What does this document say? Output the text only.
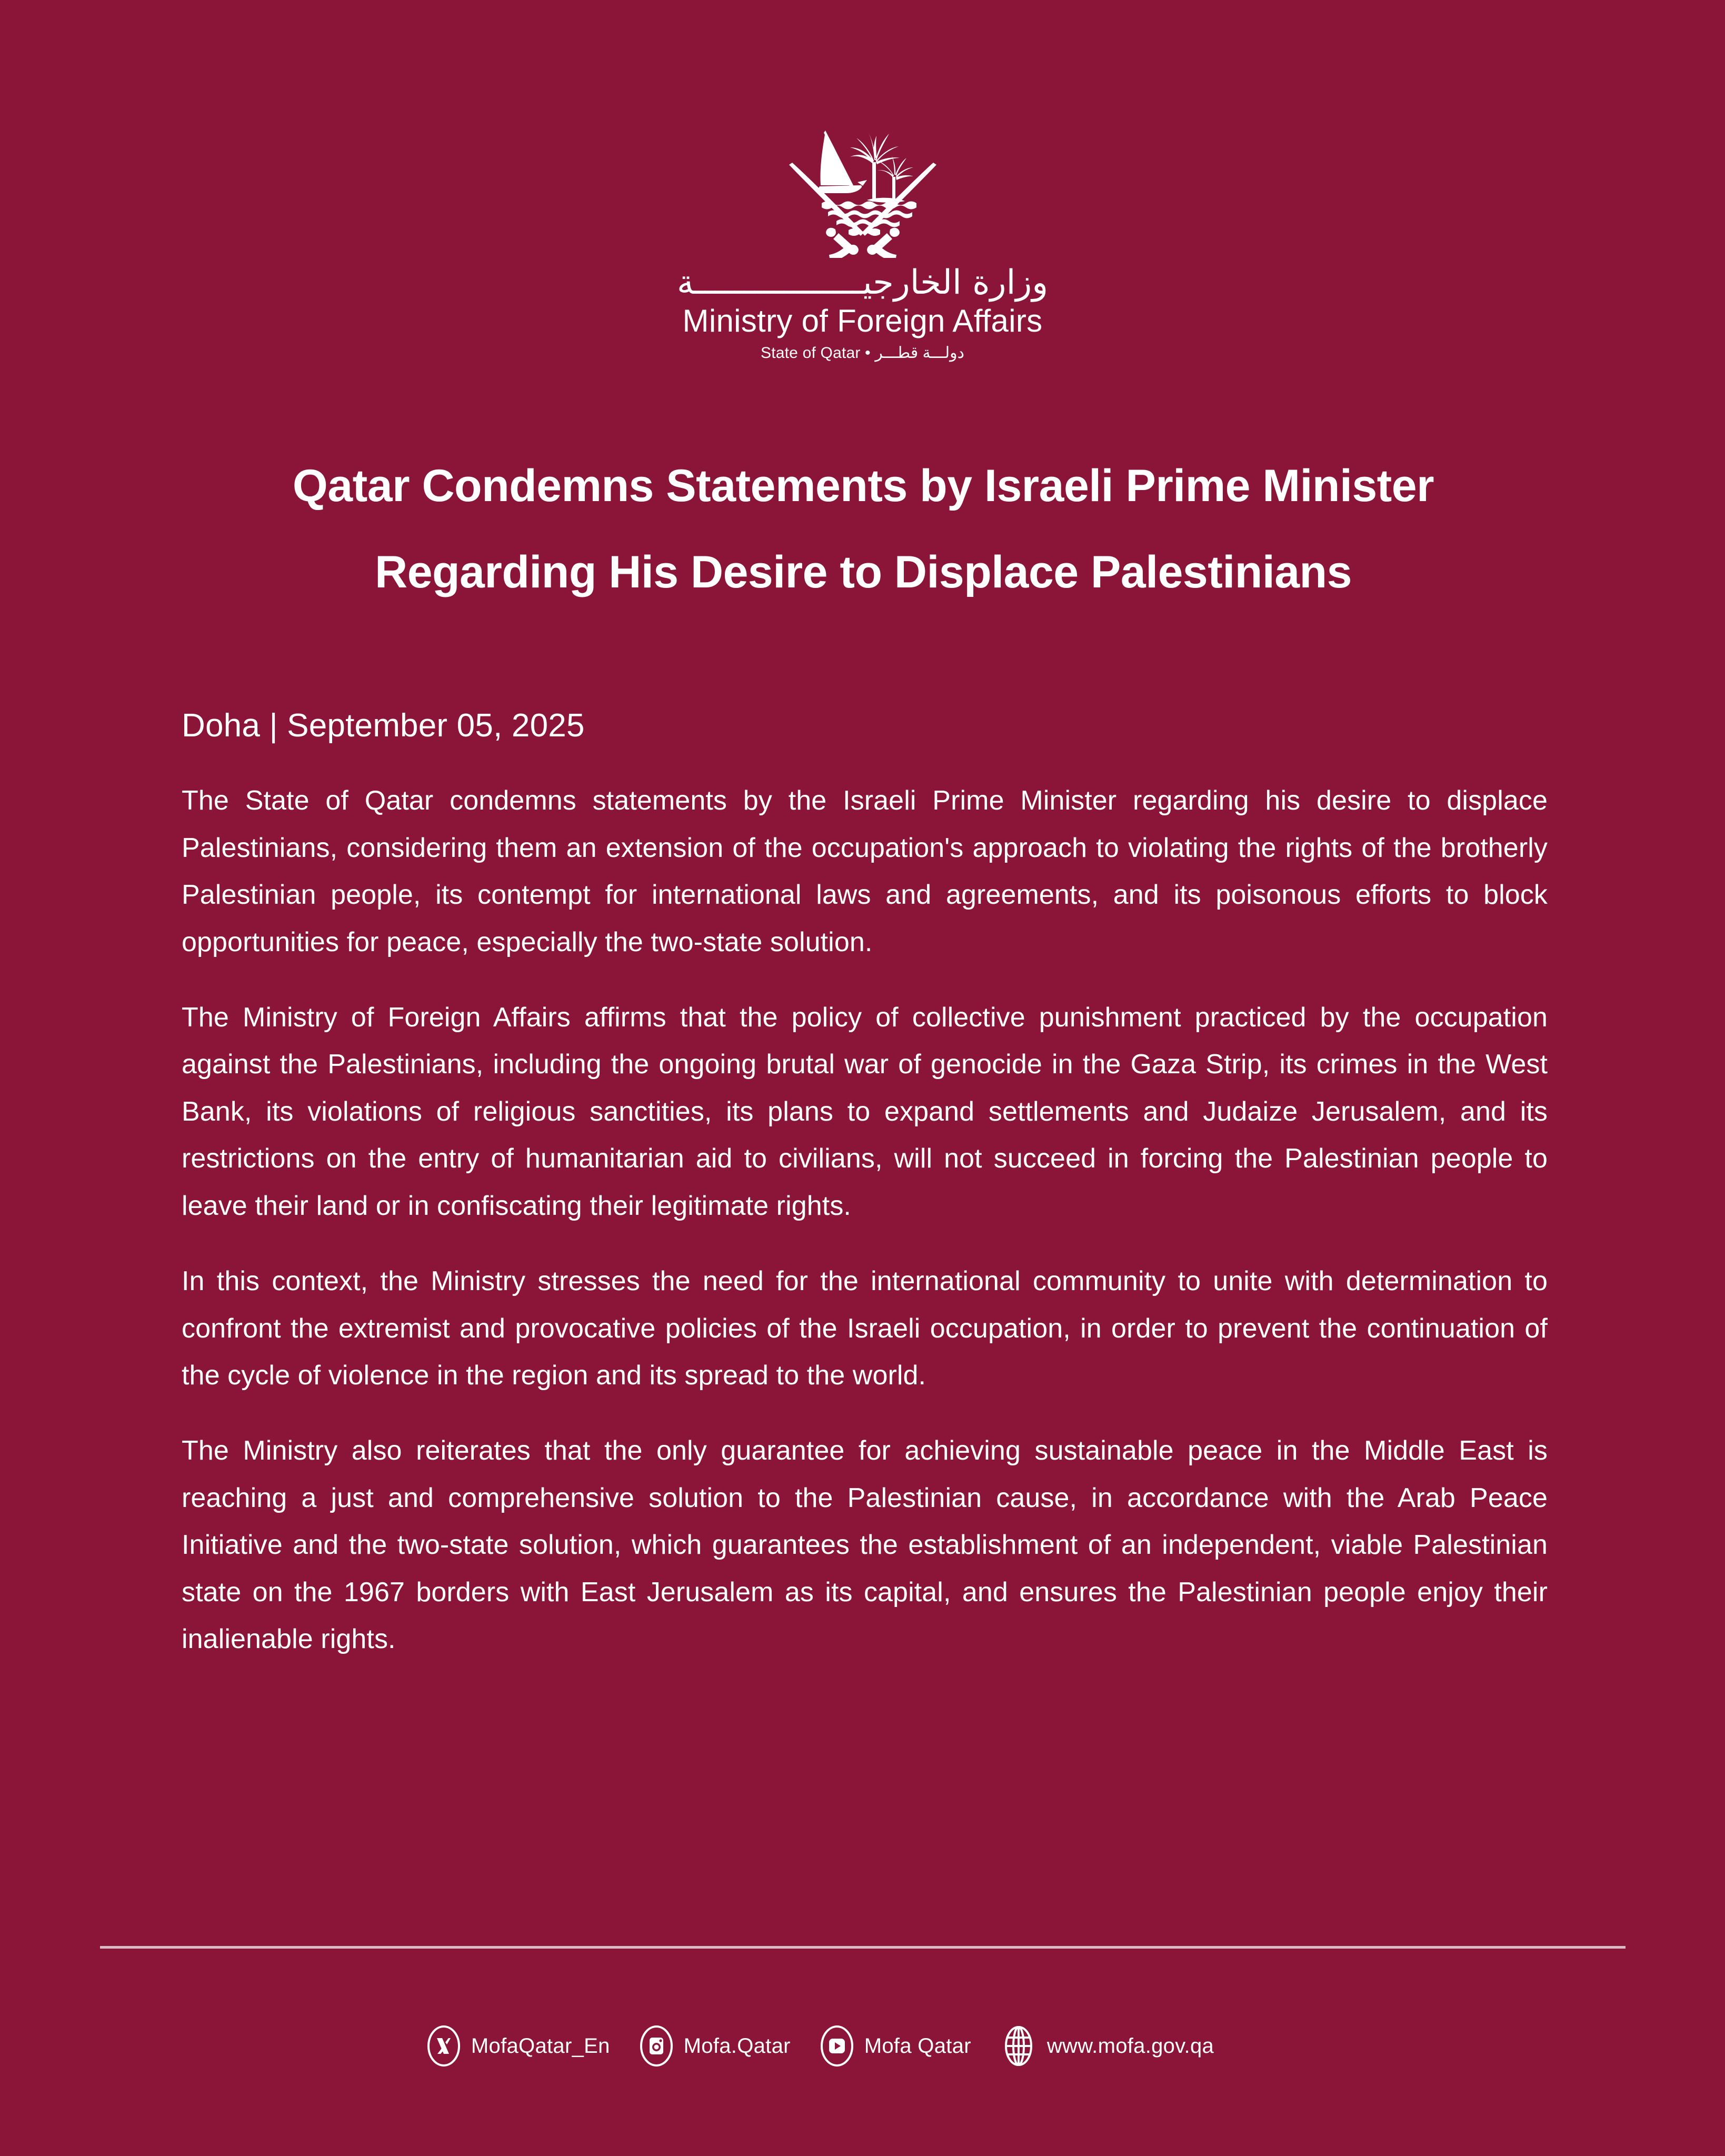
وزارة الخارجيـــــــــــــــــة
Ministry of Foreign Affairs
State of Qatar • دولـــة قطـــر
Qatar Condemns Statements by Israeli Prime Minister
Regarding His Desire to Displace Palestinians
Doha | September 05, 2025

The State of Qatar condemns statements by the Israeli Prime Minister regarding his desire to displace Palestinians, considering them an extension of the occupation's approach to violating the rights of the brotherly Palestinian people, its contempt for international laws and agreements, and its poisonous efforts to block opportunities for peace, especially the two-state solution.

The Ministry of Foreign Affairs affirms that the policy of collective punishment practiced by the occupation against the Palestinians, including the ongoing brutal war of genocide in the Gaza Strip, its crimes in the West Bank, its violations of religious sanctities, its plans to expand settlements and Judaize Jerusalem, and its restrictions on the entry of humanitarian aid to civilians, will not succeed in forcing the Palestinian people to leave their land or in confiscating their legitimate rights.

In this context, the Ministry stresses the need for the international community to unite with determination to confront the extremist and provocative policies of the Israeli occupation, in order to prevent the continuation of the cycle of violence in the region and its spread to the world.

The Ministry also reiterates that the only guarantee for achieving sustainable peace in the Middle East is reaching a just and comprehensive solution to the Palestinian cause, in accordance with the Arab Peace Initiative and the two-state solution, which guarantees the establishment of an independent, viable Palestinian state on the 1967 borders with East Jerusalem as its capital, and ensures the Palestinian people enjoy their inalienable rights.

MofaQatar_En	Mofa.Qatar	Mofa Qatar	www.mofa.gov.qa
